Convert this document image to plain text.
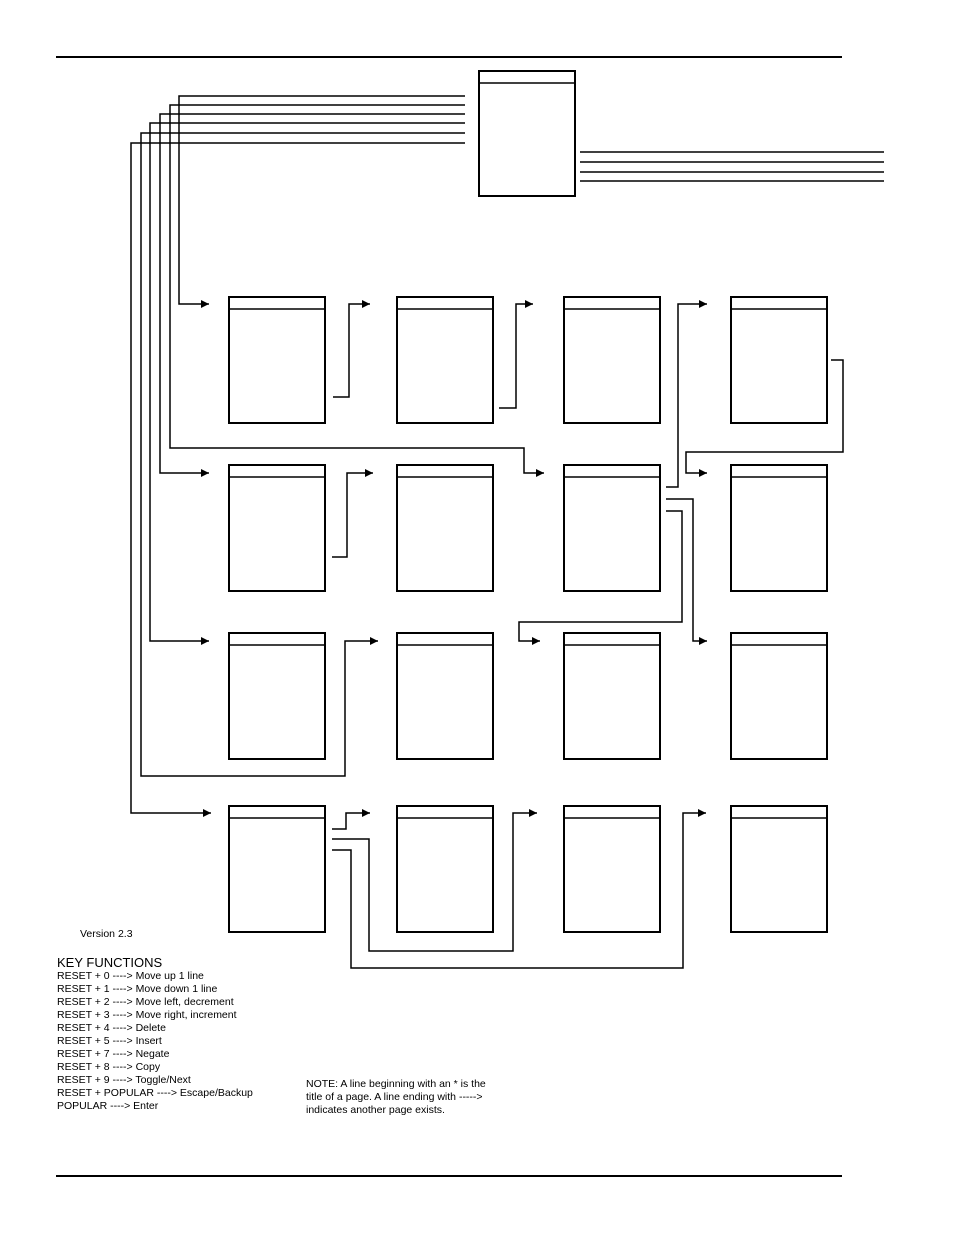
Version 2.3
KEY FUNCTIONS
RESET + 0 ----> Move up 1 line
RESET + 1 ----> Move down 1 line
RESET + 2 ----> Move left, decrement
RESET + 3 ----> Move right, increment
RESET + 4 ----> Delete
RESET + 5 ----> Insert
RESET + 7 ----> Negate
RESET + 8 ----> Copy
RESET + 9 ----> Toggle/Next
RESET + POPULAR ----> Escape/Backup
POPULAR ----> Enter
NOTE: A line beginning with an * is the title of a page. A line ending with -----> indicates another page exists.
